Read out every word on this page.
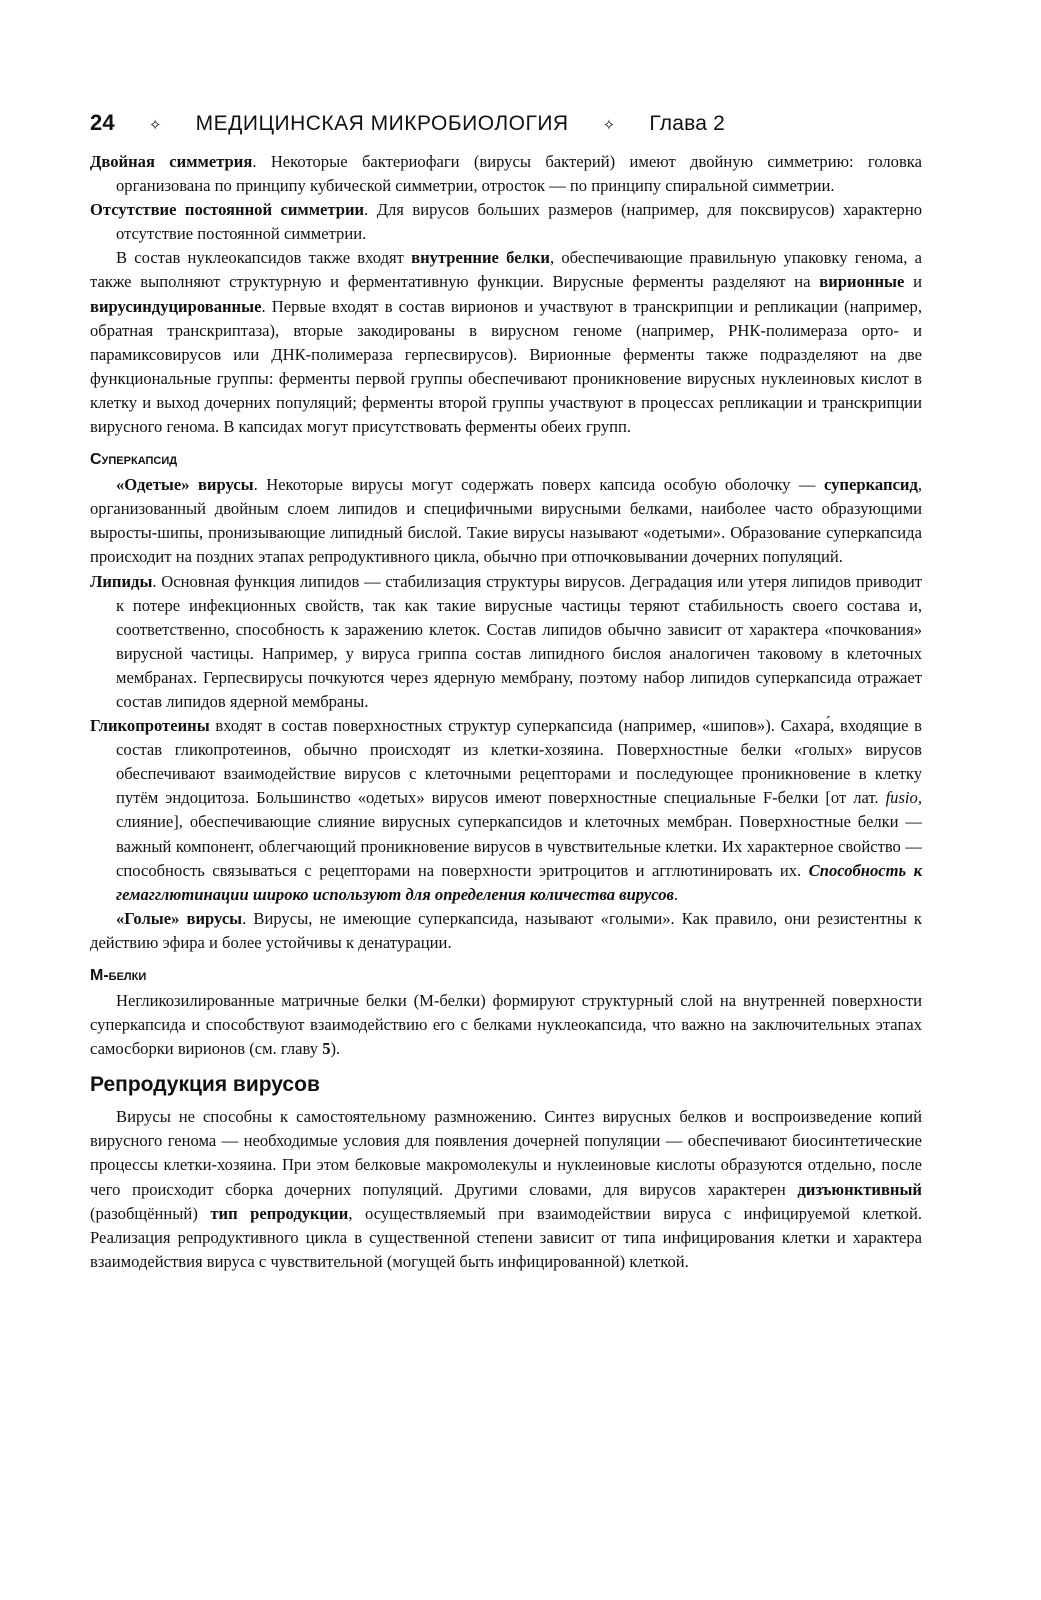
24 ✧ МЕДИЦИНСКАЯ МИКРОБИОЛОГИЯ ✧ Глава 2

Двойная симметрия. Некоторые бактериофаги (вирусы бактерий) имеют двойную симметрию: головка организована по принципу кубической симметрии, отросток — по принципу спиральной симметрии.

Отсутствие постоянной симметрии. Для вирусов больших размеров (например, для поксвирусов) характерно отсутствие постоянной симметрии.

В состав нуклеокапсидов также входят внутренние белки, обеспечивающие правильную упаковку генома, а также выполняют структурную и ферментативную функции. Вирусные ферменты разделяют на вирионные и вирусиндуцированные. Первые входят в состав вирионов и участвуют в транскрипции и репликации (например, обратная транскриптаза), вторые закодированы в вирусном геноме (например, РНК-полимераза орто- и парамиксовирусов или ДНК-полимераза герпесвирусов). Вирионные ферменты также подразделяют на две функциональные группы: ферменты первой группы обеспечивают проникновение вирусных нуклеиновых кислот в клетку и выход дочерних популяций; ферменты второй группы участвуют в процессах репликации и транскрипции вирусного генома. В капсидах могут присутствовать ферменты обеих групп.

Суперкапсид

«Одетые» вирусы. Некоторые вирусы могут содержать поверх капсида особую оболочку — суперкапсид, организованный двойным слоем липидов и специфичными вирусными белками, наиболее часто образующими выросты-шипы, пронизывающие липидный бислой. Такие вирусы называют «одетыми». Образование суперкапсида происходит на поздних этапах репродуктивного цикла, обычно при отпочковывании дочерних популяций.

Липиды. Основная функция липидов — стабилизация структуры вирусов. Деградация или утеря липидов приводит к потере инфекционных свойств, так как такие вирусные частицы теряют стабильность своего состава и, соответственно, способность к заражению клеток. Состав липидов обычно зависит от характера «почкования» вирусной частицы. Например, у вируса гриппа состав липидного бислоя аналогичен таковому в клеточных мембранах. Герпесвирусы почкуются через ядерную мембрану, поэтому набор липидов суперкапсида отражает состав липидов ядерной мембраны.

Гликопротеины входят в состав поверхностных структур суперкапсида (например, «шипов»). Сахара́, входящие в состав гликопротеинов, обычно происходят из клетки-хозяина. Поверхностные белки «голых» вирусов обеспечивают взаимодействие вирусов с клеточными рецепторами и последующее проникновение в клетку путём эндоцитоза. Большинство «одетых» вирусов имеют поверхностные специальные F-белки [от лат. fusio, слияние], обеспечивающие слияние вирусных суперкапсидов и клеточных мембран. Поверхностные белки — важный компонент, облегчающий проникновение вирусов в чувствительные клетки. Их характерное свойство — способность связываться с рецепторами на поверхности эритроцитов и агглютинировать их. Способность к гемагглютинации широко используют для определения количества вирусов.

«Голые» вирусы. Вирусы, не имеющие суперкапсида, называют «голыми». Как правило, они резистентны к действию эфира и более устойчивы к денатурации.

М-белки

Негликозилированные матричные белки (М-белки) формируют структурный слой на внутренней поверхности суперкапсида и способствуют взаимодействию его с белками нуклеокапсида, что важно на заключительных этапах самосборки вирионов (см. главу 5).

Репродукция вирусов

Вирусы не способны к самостоятельному размножению. Синтез вирусных белков и воспроизведение копий вирусного генома — необходимые условия для появления дочерней популяции — обеспечивают биосинтетические процессы клетки-хозяина. При этом белковые макромолекулы и нуклеиновые кислоты образуются отдельно, после чего происходит сборка дочерних популяций. Другими словами, для вирусов характерен дизъюнктивный (разобщённый) тип репродукции, осуществляемый при взаимодействии вируса с инфицируемой клеткой. Реализация репродуктивного цикла в существенной степени зависит от типа инфицирования клетки и характера взаимодействия вируса с чувствительной (могущей быть инфицированной) клеткой.
